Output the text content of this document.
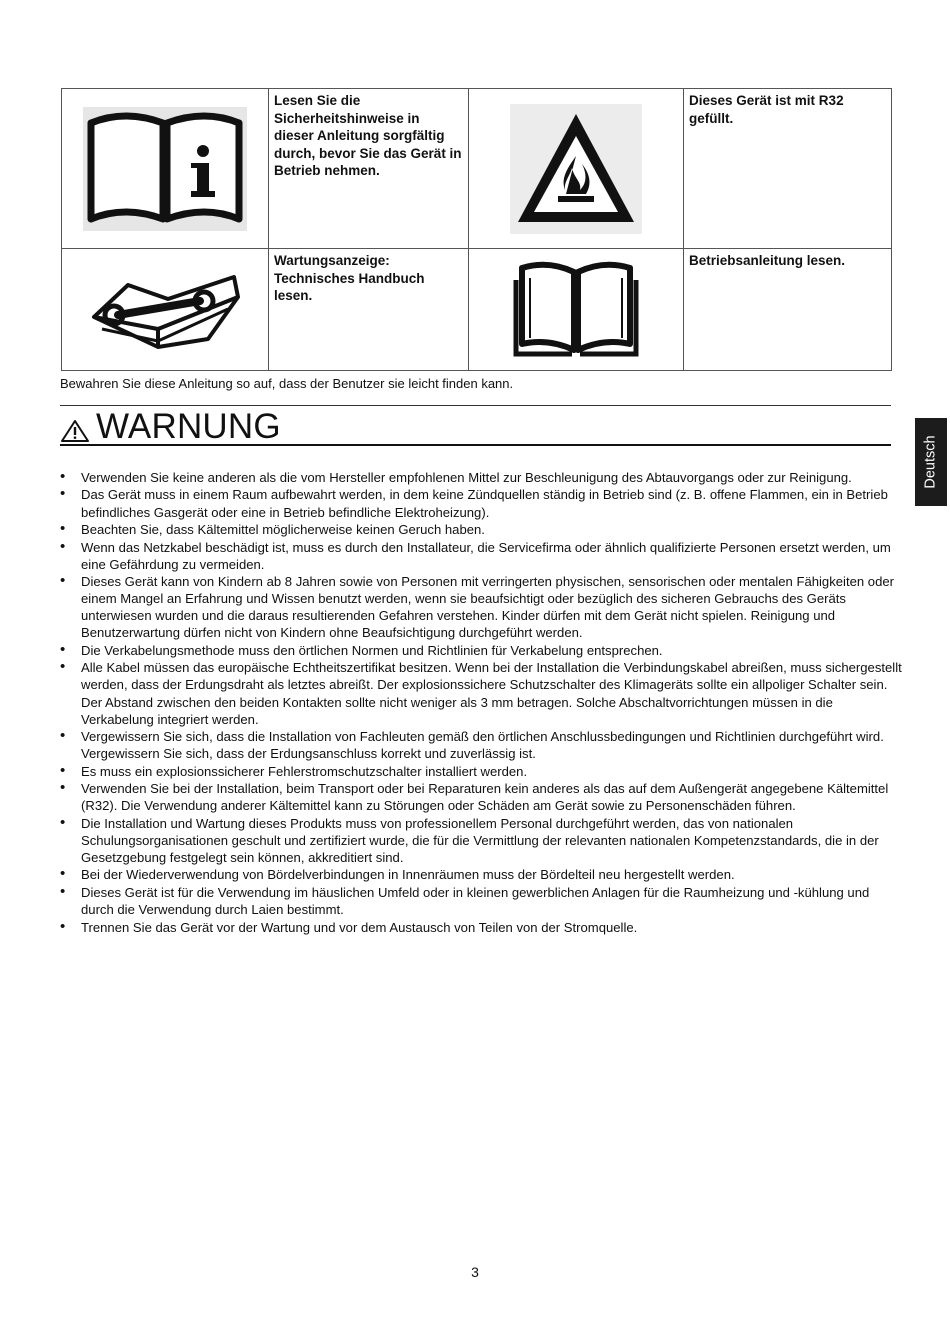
	Lesen Sie die Sicherheitshinweise in dieser Anleitung sorgfältig durch, bevor Sie das Gerät in Betrieb nehmen.		Dieses Gerät ist mit R32 gefüllt.

	Wartungsanzeige: Technisches Handbuch lesen.		Betriebsanleitung lesen.
Bewahren Sie diese Anleitung so auf, dass der Benutzer sie leicht finden kann.
WARNUNG
Deutsch
• Verwenden Sie keine anderen als die vom Hersteller empfohlenen Mittel zur Beschleunigung des Abtauvorgangs oder zur Reinigung.
• Das Gerät muss in einem Raum aufbewahrt werden, in dem keine Zündquellen ständig in Betrieb sind (z. B. offene Flammen, ein in Betrieb befindliches Gasgerät oder eine in Betrieb befindliche Elektroheizung).
• Beachten Sie, dass Kältemittel möglicherweise keinen Geruch haben.
• Wenn das Netzkabel beschädigt ist, muss es durch den Installateur, die Servicefirma oder ähnlich qualifizierte Personen ersetzt werden, um eine Gefährdung zu vermeiden.
• Dieses Gerät kann von Kindern ab 8 Jahren sowie von Personen mit verringerten physischen, sensorischen oder mentalen Fähigkeiten oder einem Mangel an Erfahrung und Wissen benutzt werden, wenn sie beaufsichtigt oder bezüglich des sicheren Gebrauchs des Geräts unterwiesen wurden und die daraus resultierenden Gefahren verstehen. Kinder dürfen mit dem Gerät nicht spielen. Reinigung und Benutzerwartung dürfen nicht von Kindern ohne Beaufsichtigung durchgeführt werden.
• Die Verkabelungsmethode muss den örtlichen Normen und Richtlinien für Verkabelung entsprechen.
• Alle Kabel müssen das europäische Echtheitszertifikat besitzen. Wenn bei der Installation die Verbindungskabel abreißen, muss sichergestellt werden, dass der Erdungsdraht als letztes abreißt. Der explosionssichere Schutzschalter des Klimageräts sollte ein allpoliger Schalter sein. Der Abstand zwischen den beiden Kontakten sollte nicht weniger als 3 mm betragen. Solche Abschaltvorrichtungen müssen in die Verkabelung integriert werden.
• Vergewissern Sie sich, dass die Installation von Fachleuten gemäß den örtlichen Anschlussbedingungen und Richtlinien durchgeführt wird. Vergewissern Sie sich, dass der Erdungsanschluss korrekt und zuverlässig ist.
• Es muss ein explosionssicherer Fehlerstromschutzschalter installiert werden.
• Verwenden Sie bei der Installation, beim Transport oder bei Reparaturen kein anderes als das auf dem Außengerät angegebene Kältemittel (R32). Die Verwendung anderer Kältemittel kann zu Störungen oder Schäden am Gerät sowie zu Personenschäden führen.
• Die Installation und Wartung dieses Produkts muss von professionellem Personal durchgeführt werden, das von nationalen Schulungsorganisationen geschult und zertifiziert wurde, die für die Vermittlung der relevanten nationalen Kompetenzstandards, die in der Gesetzgebung festgelegt sein können, akkreditiert sind.
• Bei der Wiederverwendung von Bördelverbindungen in Innenräumen muss der Bördelteil neu hergestellt werden.
• Dieses Gerät ist für die Verwendung im häuslichen Umfeld oder in kleinen gewerblichen Anlagen für die Raumheizung und -kühlung und durch die Verwendung durch Laien bestimmt.
• Trennen Sie das Gerät vor der Wartung und vor dem Austausch von Teilen von der Stromquelle.
3
